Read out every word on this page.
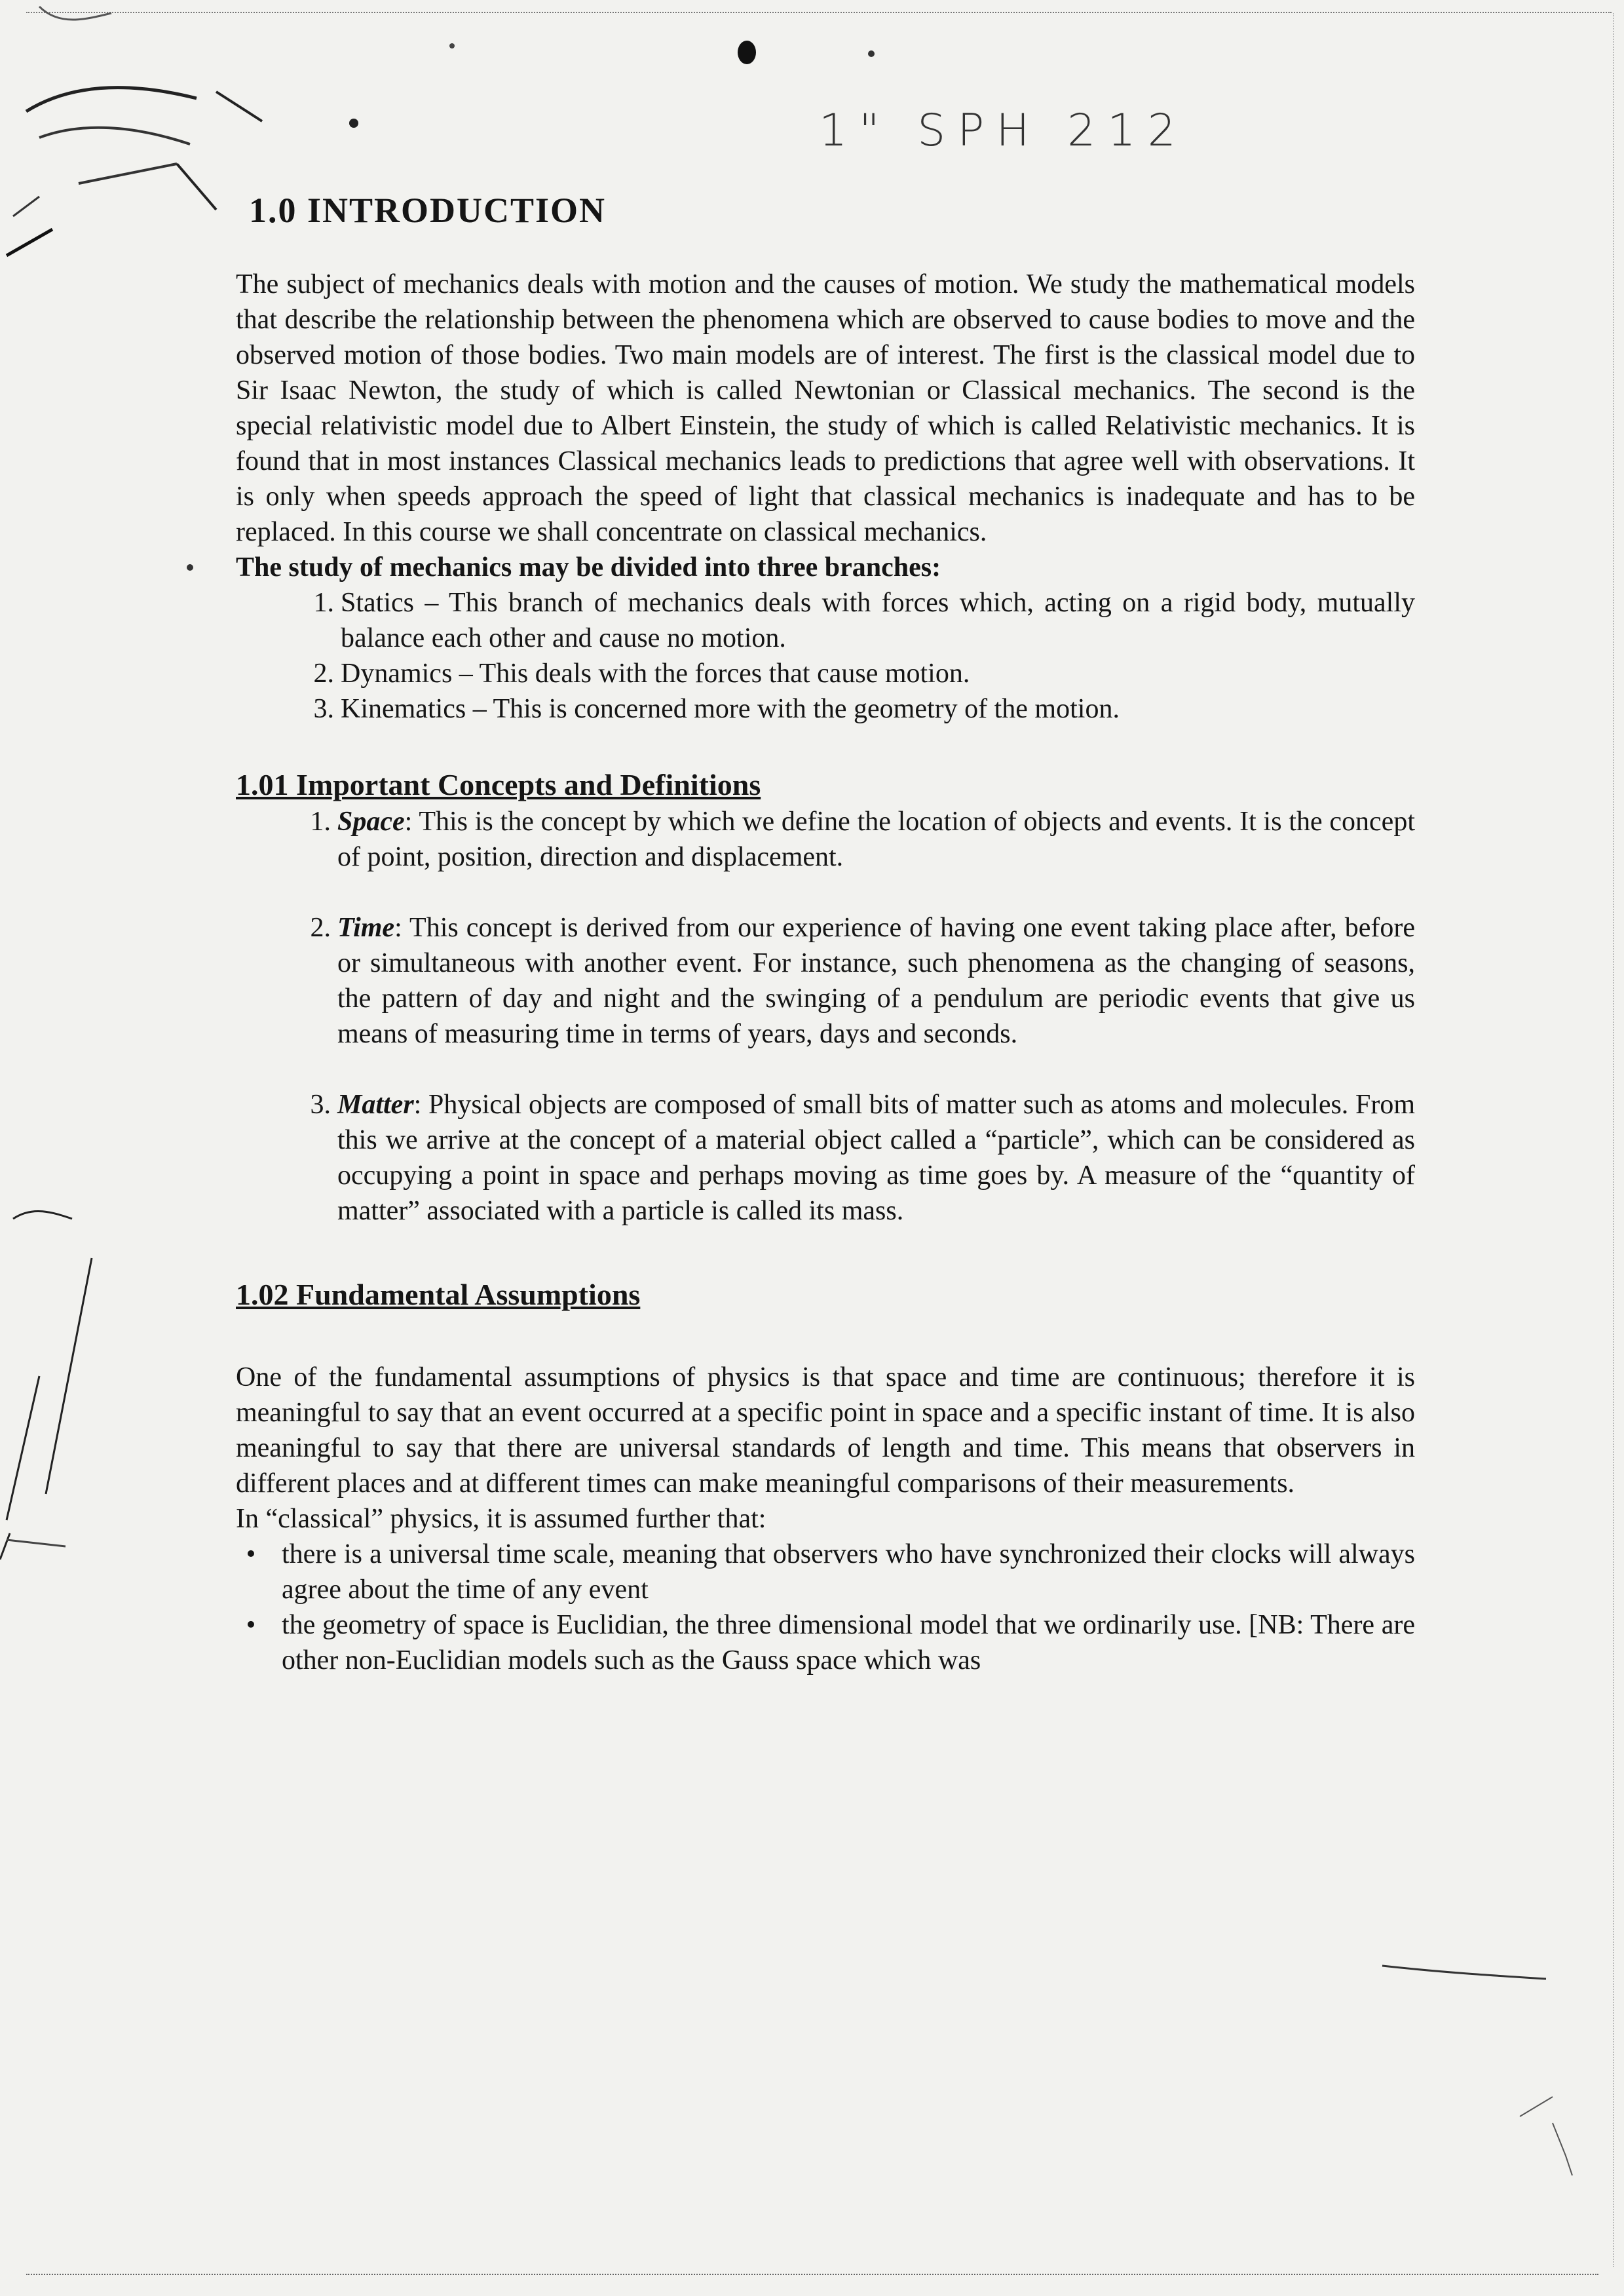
1" SPH 212
1.0 INTRODUCTION

The subject of mechanics deals with motion and the causes of motion. We study the mathematical models that describe the relationship between the phenomena which are observed to cause bodies to move and the observed motion of those bodies. Two main models are of interest. The first is the classical model due to Sir Isaac Newton, the study of which is called Newtonian or Classical mechanics. The second is the special relativistic model due to Albert Einstein, the study of which is called Relativistic mechanics. It is found that in most instances Classical mechanics leads to predictions that agree well with observations. It is only when speeds approach the speed of light that classical mechanics is inadequate and has to be replaced. In this course we shall concentrate on classical mechanics.

The study of mechanics may be divided into three branches:

1. Statics – This branch of mechanics deals with forces which, acting on a rigid body, mutually balance each other and cause no motion.
2. Dynamics – This deals with the forces that cause motion.
3. Kinematics – This is concerned more with the geometry of the motion.
1.01 Important Concepts and Definitions
1. Space: This is the concept by which we define the location of objects and events. It is the concept of point, position, direction and displacement.
2. Time: This concept is derived from our experience of having one event taking place after, before or simultaneous with another event. For instance, such phenomena as the changing of seasons, the pattern of day and night and the swinging of a pendulum are periodic events that give us means of measuring time in terms of years, days and seconds.
3. Matter: Physical objects are composed of small bits of matter such as atoms and molecules. From this we arrive at the concept of a material object called a “particle”, which can be considered as occupying a point in space and perhaps moving as time goes by. A measure of the “quantity of matter” associated with a particle is called its mass.
1.02 Fundamental Assumptions

One of the fundamental assumptions of physics is that space and time are continuous; therefore it is meaningful to say that an event occurred at a specific point in space and a specific instant of time. It is also meaningful to say that there are universal standards of length and time. This means that observers in different places and at different times can make meaningful comparisons of their measurements.

In “classical” physics, it is assumed further that:

• there is a universal time scale, meaning that observers who have synchronized their clocks will always agree about the time of any event
• the geometry of space is Euclidian, the three dimensional model that we ordinarily use. [NB: There are other non-Euclidian models such as the Gauss space which was
